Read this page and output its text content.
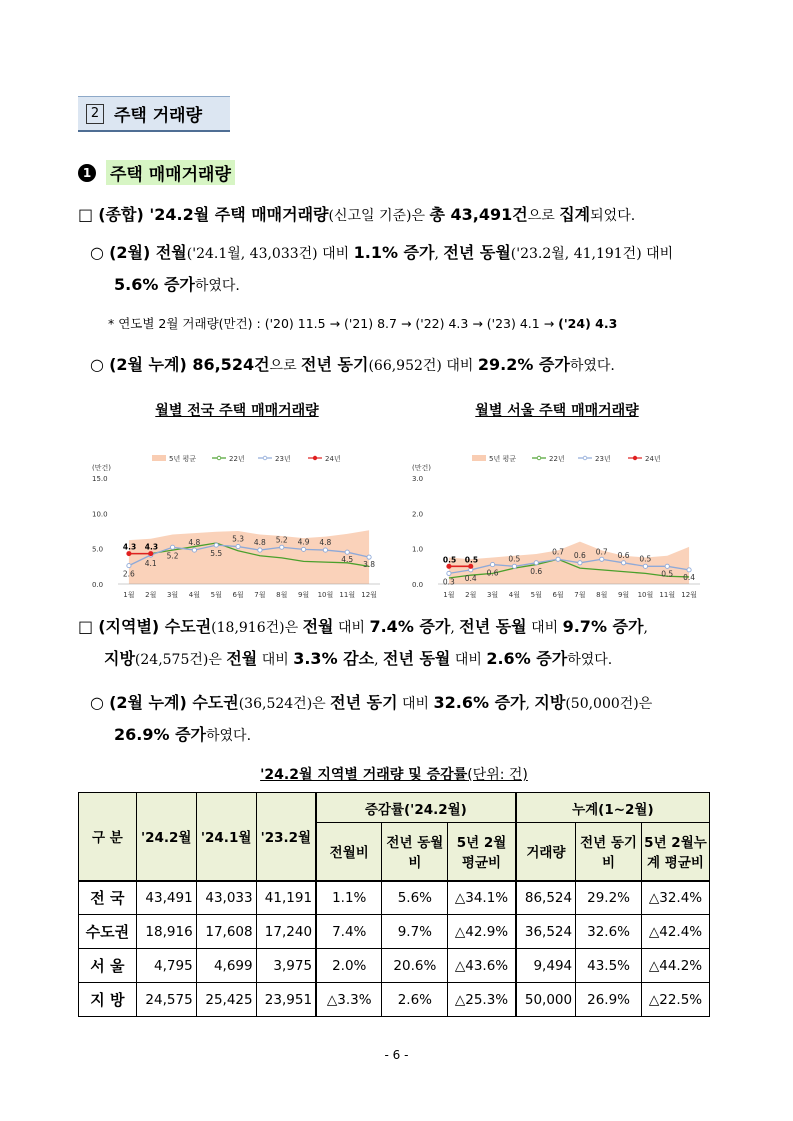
2 주택 거래량
1 주택 매매거래량
□ (종합) '24.2월 주택 매매거래량(신고일 기준)은 총 43,491건으로 집계되었다.
○ (2월) 전월('24.1월, 43,033건) 대비 1.1% 증가, 전년 동월('23.2월, 41,191건) 대비
5.6% 증가하였다.
* 연도별 2월 거래량(만건) : ('20) 11.5 → ('21) 8.7 → ('22) 4.3 → ('23) 4.1 → ('24) 4.3
○ (2월 누계) 86,524건으로 전년 동기(66,952건) 대비 29.2% 증가하였다.
월별 전국 주택 매매거래량
5년 평균	22년	23년	24년
(만건)
0.0
5.0
10.0
15.0
4.3 4.3
2.6
4.1
5.2
4.8
5.5
5.3 4.8 5.2 4.9 4.8
4.5
3.8
1월 2월 3월 4월 5월 6월 7월 8월 9월 10월 11월 12월
월별 서울 주택 매매거래량
5년 평균	22년	23년	24년
(만건)
0.0
1.0
2.0
3.0
0.5 0.5
0.3 0.4
0.6
0.5
0.6
0.7 0.6 0.7 0.6 0.5
0.5 0.4
1월 2월 3월 4월 5월 6월 7월 8월 9월 10월 11월 12월
□ (지역별) 수도권(18,916건)은 전월 대비 7.4% 증가, 전년 동월 대비 9.7% 증가,
지방(24,575건)은 전월 대비 3.3% 감소, 전년 동월 대비 2.6% 증가하였다.
○ (2월 누계) 수도권(36,524건)은 전년 동기 대비 32.6% 증가, 지방(50,000건)은
26.9% 증가하였다.
'24.2월 지역별 거래량 및 증감률(단위: 건)
구 분	'24.2월	'24.1월	'23.2월	증감률('24.2월)			누계(1~2월)		
				전월비	전년 동월비	5년 2월 평균비	거래량	전년 동기비	5년 2월누계 평균비
전 국	43,491	43,033	41,191	1.1%	5.6%	△34.1%	86,524	29.2%	△32.4%
수도권	18,916	17,608	17,240	7.4%	9.7%	△42.9%	36,524	32.6%	△42.4%
서 울	4,795	4,699	3,975	2.0%	20.6%	△43.6%	9,494	43.5%	△44.2%
지 방	24,575	25,425	23,951	△3.3%	2.6%	△25.3%	50,000	26.9%	△22.5%
- 6 -
